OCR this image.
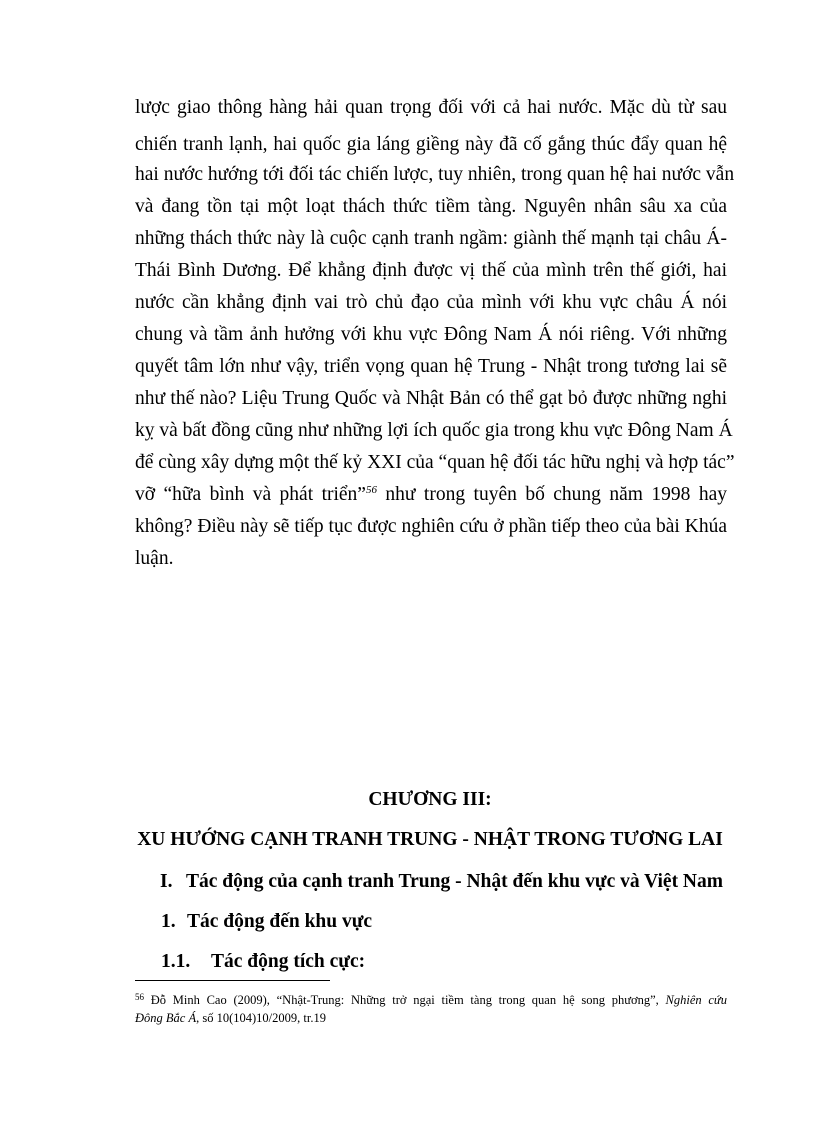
lược giao thông hàng hải quan trọng đối với cả hai nước. Mặc dù từ sau
chiến tranh lạnh, hai quốc gia láng giềng này đã cố gắng thúc đẩy quan hệ
hai nước hướng tới đối tác chiến lược, tuy nhiên, trong quan hệ hai nước vẫn
và đang tồn tại một loạt thách thức tiềm tàng. Nguyên nhân sâu xa của
những thách thức này là cuộc cạnh tranh ngầm: giành thế mạnh tại châu Á-
Thái Bình Dương. Để khẳng định được vị thế của mình trên thế giới, hai
nước cần khẳng định vai trò chủ đạo của mình với khu vực châu Á nói
chung và tầm ảnh hưởng với khu vực Đông Nam Á nói riêng. Với những
quyết tâm lớn như vậy, triển vọng quan hệ Trung - Nhật trong tương lai sẽ
như thế nào? Liệu Trung Quốc và Nhật Bản có thể gạt bỏ được những nghi
kỵ và bất đồng cũng như những lợi ích quốc gia trong khu vực Đông Nam Á
để cùng xây dựng một thế kỷ XXI của “quan hệ đối tác hữu nghị và hợp tác”
vỡ “hữa bình và phát triển”$^{56}$ như trong tuyên bố chung năm 1998 hay
không? Điều này sẽ tiếp tục được nghiên cứu ở phần tiếp theo của bài Khúa
luận.
CHƯƠNG III:
XU HƯỚNG CẠNH TRANH TRUNG - NHẬT TRONG TƯƠNG LAI
I. Tác động của cạnh tranh Trung - Nhật đến khu vực và Việt Nam
1. Tác động đến khu vực
1.1. Tác động tích cực:
$^{56}$ Đỗ Minh Cao (2009), “Nhật-Trung: Những trở ngại tiềm tàng trong quan hệ song phương”, Nghiên cứu
Đông Bắc Á, số 10(104)10/2009, tr.19
